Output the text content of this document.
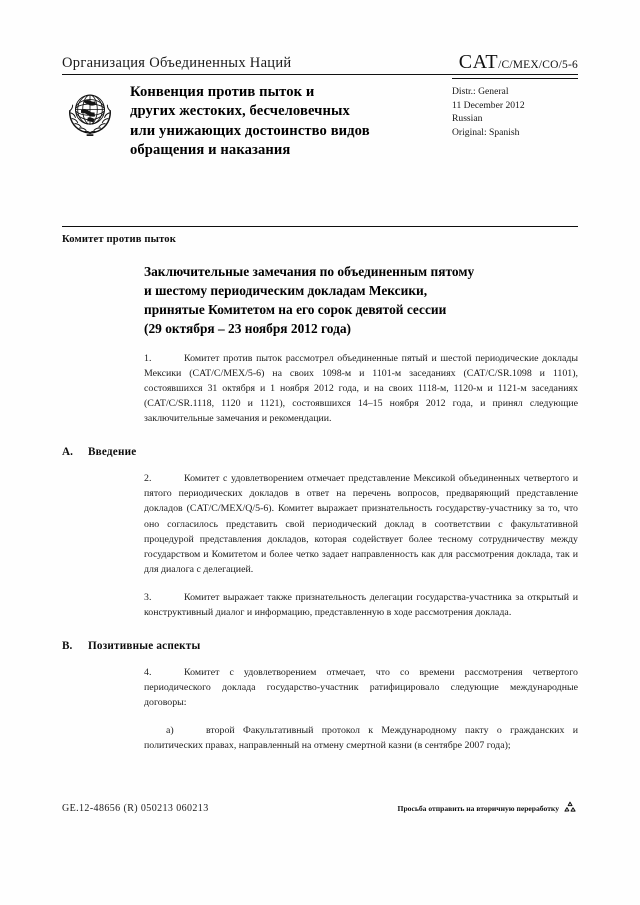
Организация Объединенных Наций	CAT/C/MEX/CO/5-6
Конвенция против пыток и
других жестоких, бесчеловечных
или унижающих достоинство видов
обращения и наказания
Distr.: General
11 December 2012
Russian
Original: Spanish
Комитет против пыток
Заключительные замечания по объединенным пятому
и шестому периодическим докладам Мексики,
принятые Комитетом на его сорок девятой сессии
(29 октября – 23 ноября 2012 года)

1.	Комитет против пыток рассмотрел объединенные пятый и шестой периодические доклады Мексики (CAT/C/MEX/5-6) на своих 1098-м и 1101-м заседаниях (CAT/C/SR.1098 и 1101), состоявшихся 31 октября и 1 ноября 2012 года, и на своих 1118-м, 1120-м и 1121-м заседаниях (CAT/C/SR.1118, 1120 и 1121), состоявшихся 14–15 ноября 2012 года, и принял следующие заключительные замечания и рекомендации.

A.	Введение

2.	Комитет с удовлетворением отмечает представление Мексикой объединенных четвертого и пятого периодических докладов в ответ на перечень вопросов, предваряющий представление докладов (CAT/C/MEX/Q/5-6). Комитет выражает признательность государству-участнику за то, что оно согласилось представить свой периодический доклад в соответствии с факультативной процедурой представления докладов, которая содействует более тесному сотрудничеству между государством и Комитетом и более четко задает направленность как для рассмотрения доклада, так и для диалога с делегацией.

3.	Комитет выражает также признательность делегации государства-участника за открытый и конструктивный диалог и информацию, представленную в ходе рассмотрения доклада.

B.	Позитивные аспекты

4.	Комитет с удовлетворением отмечает, что со времени рассмотрения четвертого периодического доклада государство-участник ратифицировало следующие международные договоры:

a)	второй Факультативный протокол к Международному пакту о гражданских и политических правах, направленный на отмену смертной казни (в сентябре 2007 года);

GE.12-48656 (R) 050213 060213	Просьба отправить на вторичную переработку
